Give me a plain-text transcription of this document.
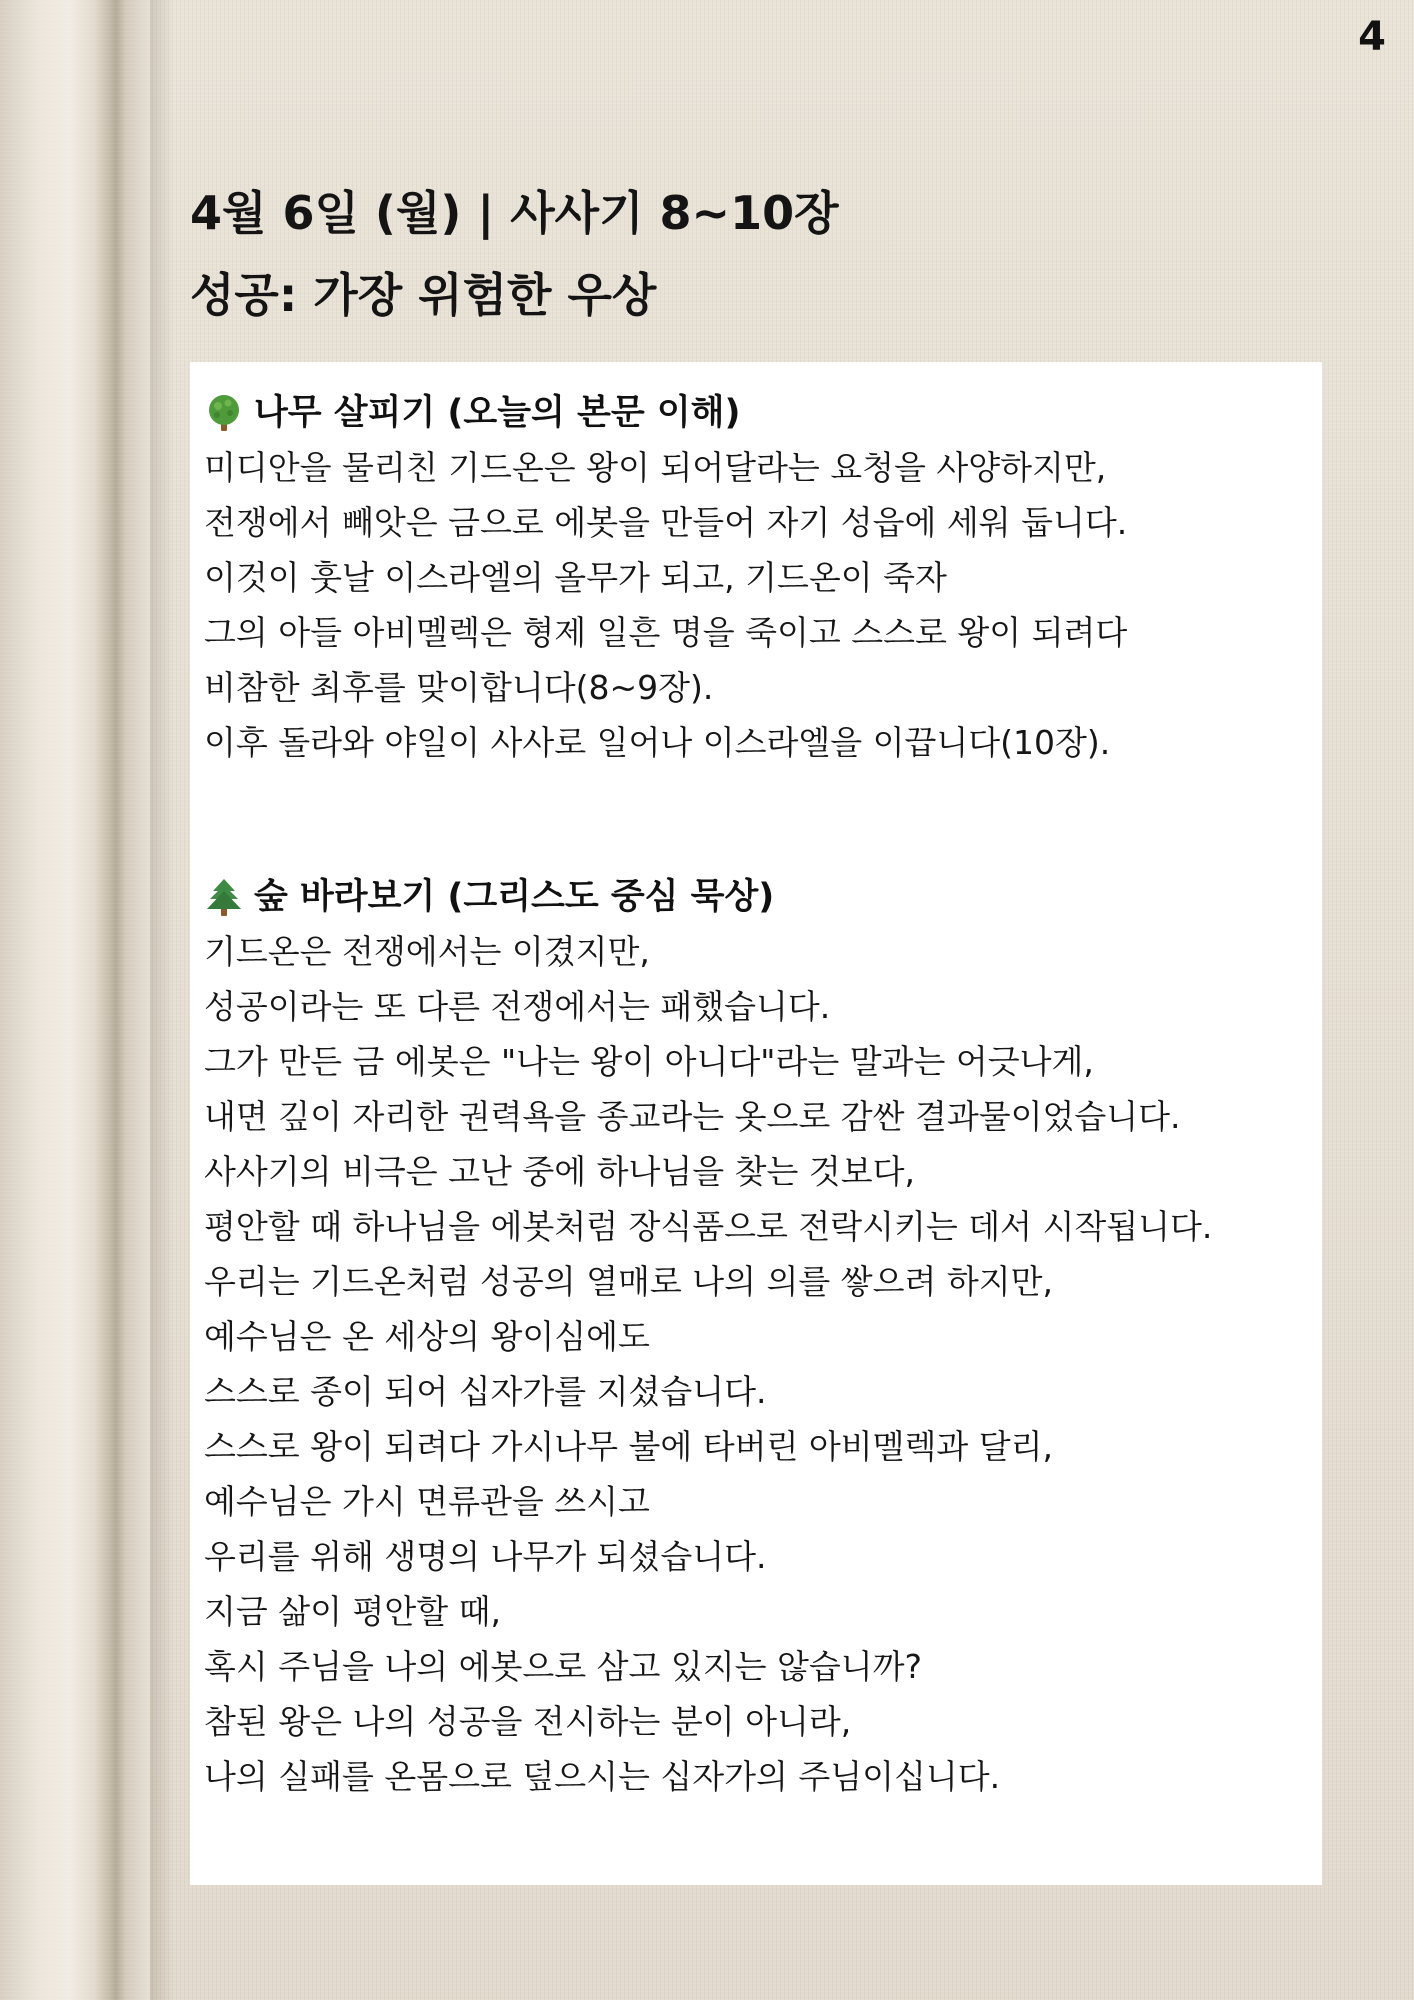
4
4월 6일 (월) | 사사기 8~10장
성공: 가장 위험한 우상
나무 살피기 (오늘의 본문 이해)
미디안을 물리친 기드온은 왕이 되어달라는 요청을 사양하지만,
전쟁에서 빼앗은 금으로 에봇을 만들어 자기 성읍에 세워 둡니다.
이것이 훗날 이스라엘의 올무가 되고, 기드온이 죽자
그의 아들 아비멜렉은 형제 일흔 명을 죽이고 스스로 왕이 되려다
비참한 최후를 맞이합니다(8~9장).
이후 돌라와 야일이 사사로 일어나 이스라엘을 이끕니다(10장).
숲 바라보기 (그리스도 중심 묵상)
기드온은 전쟁에서는 이겼지만,
성공이라는 또 다른 전쟁에서는 패했습니다.
그가 만든 금 에봇은 "나는 왕이 아니다"라는 말과는 어긋나게,
내면 깊이 자리한 권력욕을 종교라는 옷으로 감싼 결과물이었습니다.
사사기의 비극은 고난 중에 하나님을 찾는 것보다,
평안할 때 하나님을 에봇처럼 장식품으로 전락시키는 데서 시작됩니다.
우리는 기드온처럼 성공의 열매로 나의 의를 쌓으려 하지만,
예수님은 온 세상의 왕이심에도
스스로 종이 되어 십자가를 지셨습니다.
스스로 왕이 되려다 가시나무 불에 타버린 아비멜렉과 달리,
예수님은 가시 면류관을 쓰시고
우리를 위해 생명의 나무가 되셨습니다.
지금 삶이 평안할 때,
혹시 주님을 나의 에봇으로 삼고 있지는 않습니까?
참된 왕은 나의 성공을 전시하는 분이 아니라,
나의 실패를 온몸으로 덮으시는 십자가의 주님이십니다.
